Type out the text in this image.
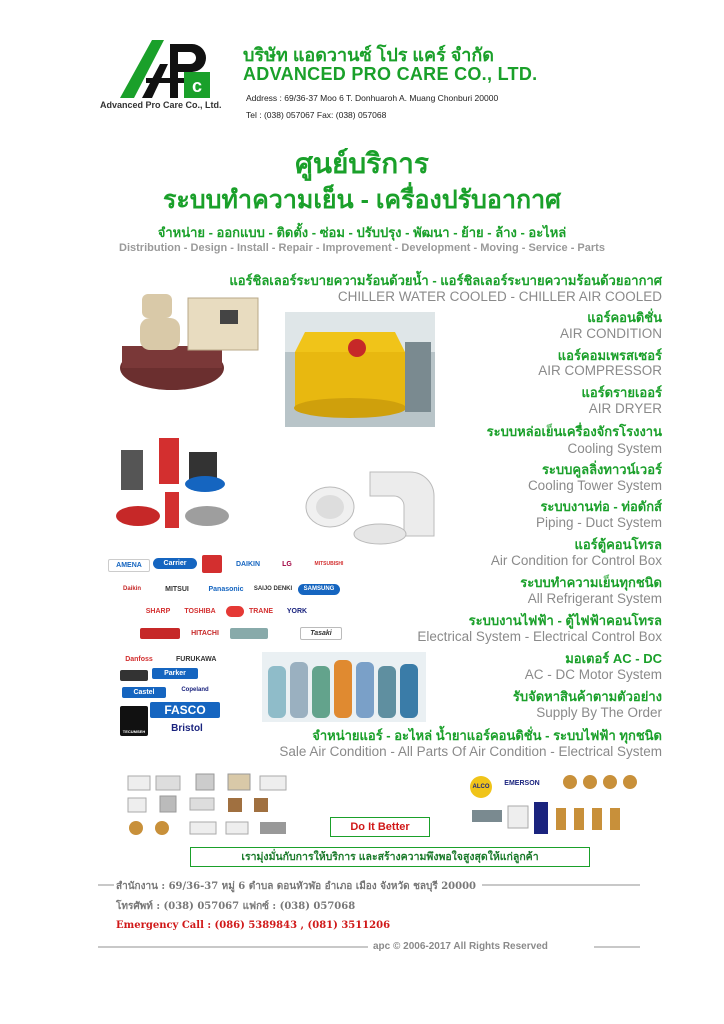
c
Advanced Pro Care Co., Ltd.
บริษัท แอดวานซ์ โปร แคร์ จำกัด
ADVANCED PRO CARE CO., LTD.
Address : 69/36-37 Moo 6 T. Donhuaroh A. Muang Chonburi 20000
Tel : (038) 057067 Fax: (038) 057068
ศูนย์บริการ
ระบบทำความเย็น - เครื่องปรับอากาศ
จำหน่าย - ออกแบบ - ติดตั้ง - ซ่อม - ปรับปรุง - พัฒนา - ย้าย - ล้าง - อะไหล่
Distribution - Design - Install - Repair - Improvement - Development - Moving - Service - Parts
แอร์ชิลเลอร์ระบายความร้อนด้วยน้ำ - แอร์ชิลเลอร์ระบายความร้อนด้วยอากาศ
CHILLER WATER COOLED - CHILLER AIR COOLED
แอร์คอนดิชั่น
AIR CONDITION
แอร์คอมเพรสเซอร์
AIR COMPRESSOR
แอร์ดรายเออร์
AIR DRYER
ระบบหล่อเย็นเครื่องจักรโรงงาน
Cooling System
ระบบคูลลิ่งทาวน์เวอร์
Cooling Tower System
ระบบงานท่อ - ท่อดักส์
Piping - Duct System
แอร์ตู้คอนโทรล
Air Condition for Control Box
ระบบทำความเย็นทุกชนิด
All Refrigerant System
ระบบงานไฟฟ้า - ตู้ไฟฟ้าคอนโทรล
Electrical System - Electrical Control Box
มอเตอร์ AC - DC
AC - DC Motor System
รับจัดหาสินค้าตามตัวอย่าง
Supply By The Order
จำหน่ายแอร์ - อะไหล่ น้ำยาแอร์คอนดิชั่น - ระบบไฟฟ้า ทุกชนิด
Sale Air Condition - All Parts Of Air Condition - Electrical System
AMENA	Carrier	DAIKIN	LG	MITSUBISHI
Daikin	MITSUI	Panasonic	SAIJO DENKI	SAMSUNG
SHARP	TOSHIBA	TRANE	YORK
HITACHI	Tasaki
Danfoss	FURUKAWA
Parker
Castel	Copeland
FASCO
TECUMSEH	Bristol
ALCO	EMERSON
Do It Better
เรามุ่งมั่นกับการให้บริการ และสร้างความพึงพอใจสูงสุดให้แก่ลูกค้า
สำนักงาน : 69/36-37 หมู่ 6 ตำบล ดอนหัวฬ่อ อำเภอ เมือง จังหวัด ชลบุรี 20000
โทรศัพท์ : (038) 057067 แฟกซ์ : (038) 057068
Emergency Call : (086) 5389843 , (081) 3511206
apc © 2006-2017 All Rights Reserved
